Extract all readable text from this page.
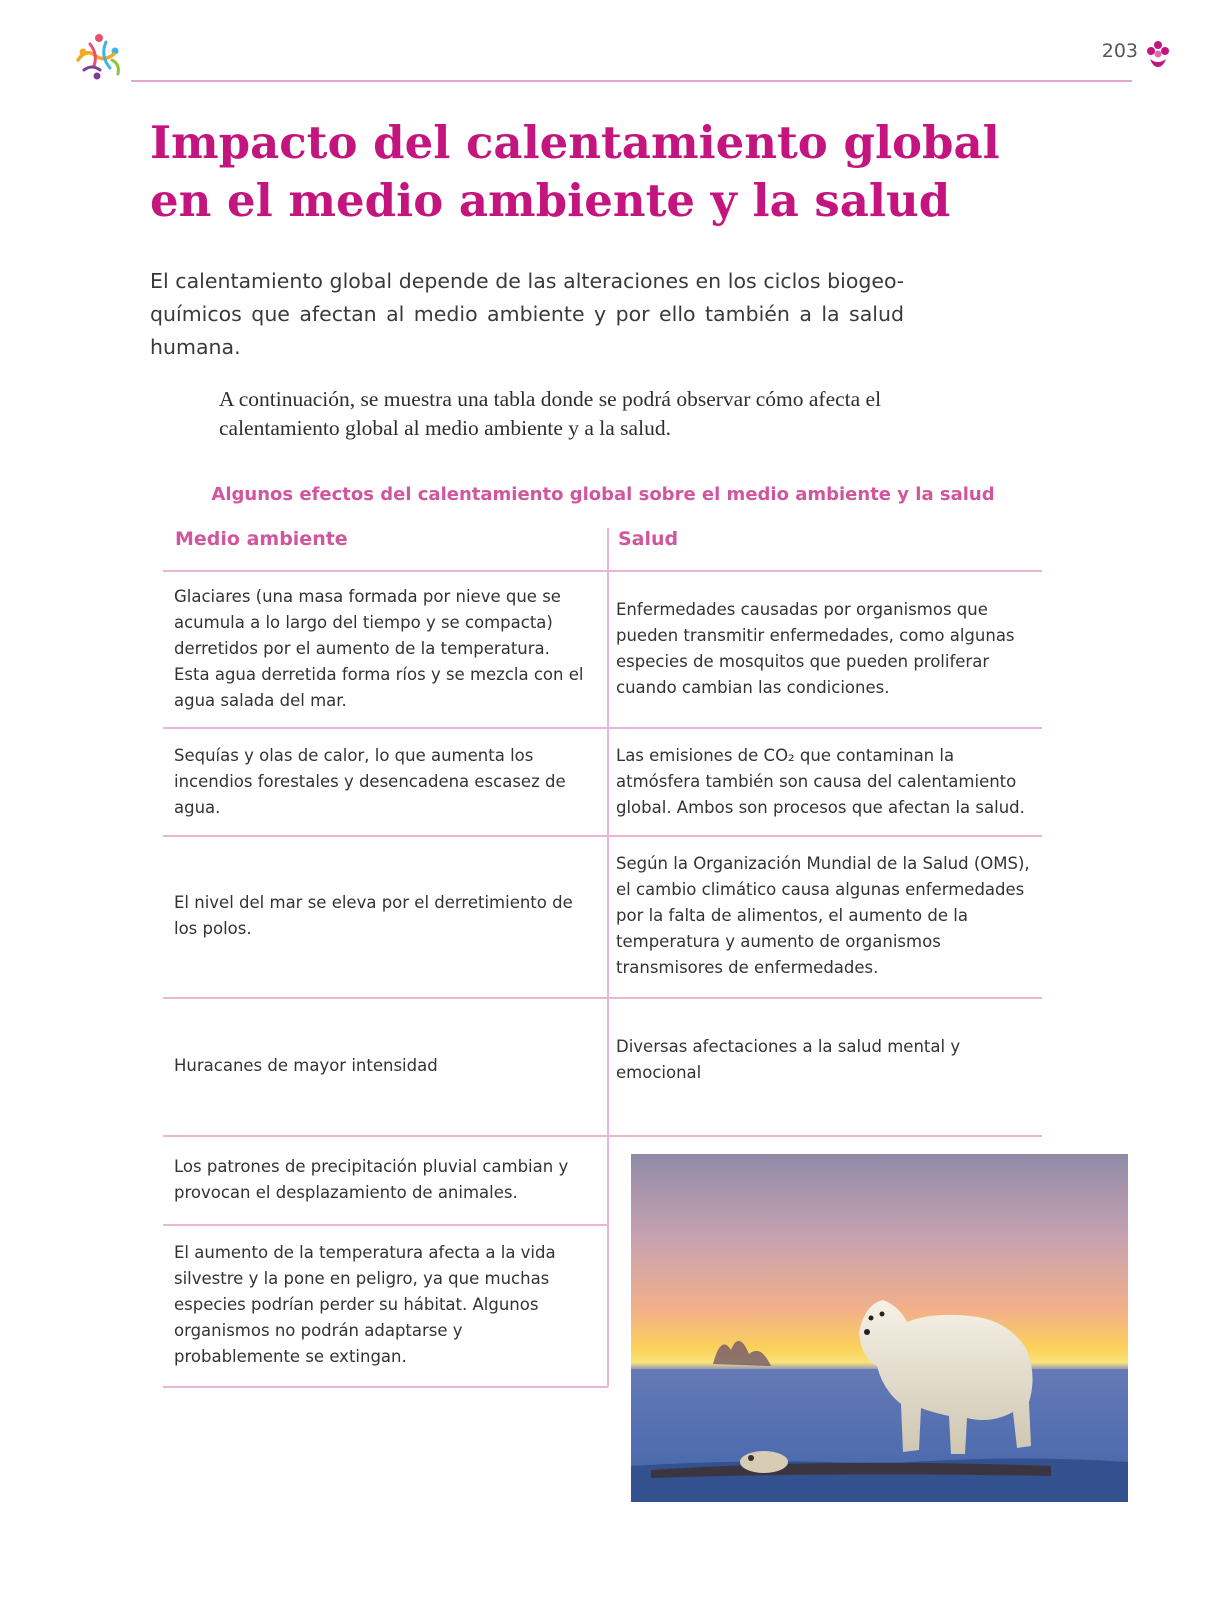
203
Impacto del calentamiento global
en el medio ambiente y la salud

El calentamiento global depende de las alteraciones en los ciclos biogeoquímicos que afectan al medio ambiente y por ello también a la salud humana.

A continuación, se muestra una tabla donde se podrá observar cómo afecta el calentamiento global al medio ambiente y a la salud.

Algunos efectos del calentamiento global sobre el medio ambiente y la salud
Medio ambiente	Salud
Glaciares (una masa formada por nieve que se acumula a lo largo del tiempo y se compacta) derretidos por el aumento de la temperatura. Esta agua derretida forma ríos y se mezcla con el agua salada del mar.
Enfermedades causadas por organismos que pueden transmitir enfermedades, como algunas especies de mosquitos que pueden proliferar cuando cambian las condiciones.
Sequías y olas de calor, lo que aumenta los incendios forestales y desencadena escasez de agua.
Las emisiones de CO₂ que contaminan la atmósfera también son causa del calentamiento global. Ambos son procesos que afectan la salud.
El nivel del mar se eleva por el derretimiento de los polos.
Según la Organización Mundial de la Salud (OMS), el cambio climático causa algunas enfermedades por la falta de alimentos, el aumento de la temperatura y aumento de organismos transmisores de enfermedades.
Huracanes de mayor intensidad
Diversas afectaciones a la salud mental y emocional
Los patrones de precipitación pluvial cambian y provocan el desplazamiento de animales.
El aumento de la temperatura afecta a la vida silvestre y la pone en peligro, ya que muchas especies podrían perder su hábitat. Algunos organismos no podrán adaptarse y probablemente se extingan.
